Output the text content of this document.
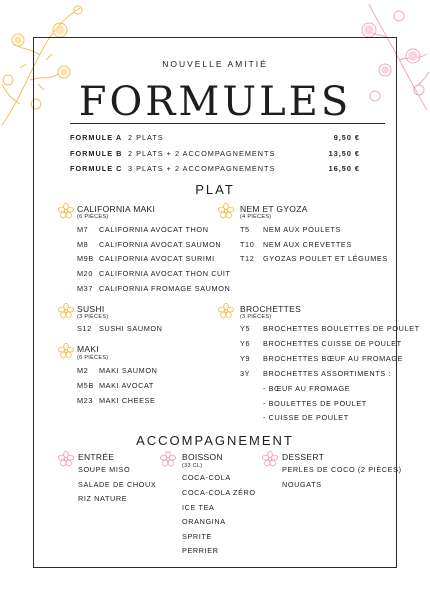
NOUVELLE AMITIÉ
FORMULES
FORMULE A 2 PLATS	9,50 €
FORMULE B 2 PLATS + 2 ACCOMPAGNEMENTS	13,50 €
FORMULE C 3 PLATS + 2 ACCOMPAGNEMENTS	16,50 €
PLAT
CALIFORNIA MAKI
(6 PIÈCES)
M7 CALIFORNIA AVOCAT THON
M8 CALIFORNIA AVOCAT SAUMON
M9B CALIFORNIA AVOCAT SURIMI
M20 CALIFORNIA AVOCAT THON CUIT
M37 CALIFORNIA FROMAGE SAUMON
SUSHI
(3 PIÈCES)
S12 SUSHI SAUMON
MAKI
(6 PIÈCES)
M2 MAKI SAUMON
M5B MAKI AVOCAT
M23 MAKI CHEESE
NEM ET GYOZA
(4 PIÈCES)
T5 NEM AUX POULETS
T10 NEM AUX CREVETTES
T12 GYOZAS POULET ET LÉGUMES
BROCHETTES
(3 PIÈCES)
Y5 BROCHETTES BOULETTES DE POULET
Y6 BROCHETTES CUISSE DE POULET
Y9 BROCHETTES BŒUF AU FROMAGE
3Y BROCHETTES ASSORTIMENTS :
- BŒUF AU FROMAGE
- BOULETTES DE POULET
- CUISSE DE POULET
ACCOMPAGNEMENT
ENTRÉE
SOUPE MISO
SALADE DE CHOUX
RIZ NATURE
BOISSON
(33 CL)
COCA-COLA
COCA-COLA ZÉRO
ICE TEA
ORANGINA
SPRITE
PERRIER
DESSERT
PERLES DE COCO (2 PIÈCES)
NOUGATS
